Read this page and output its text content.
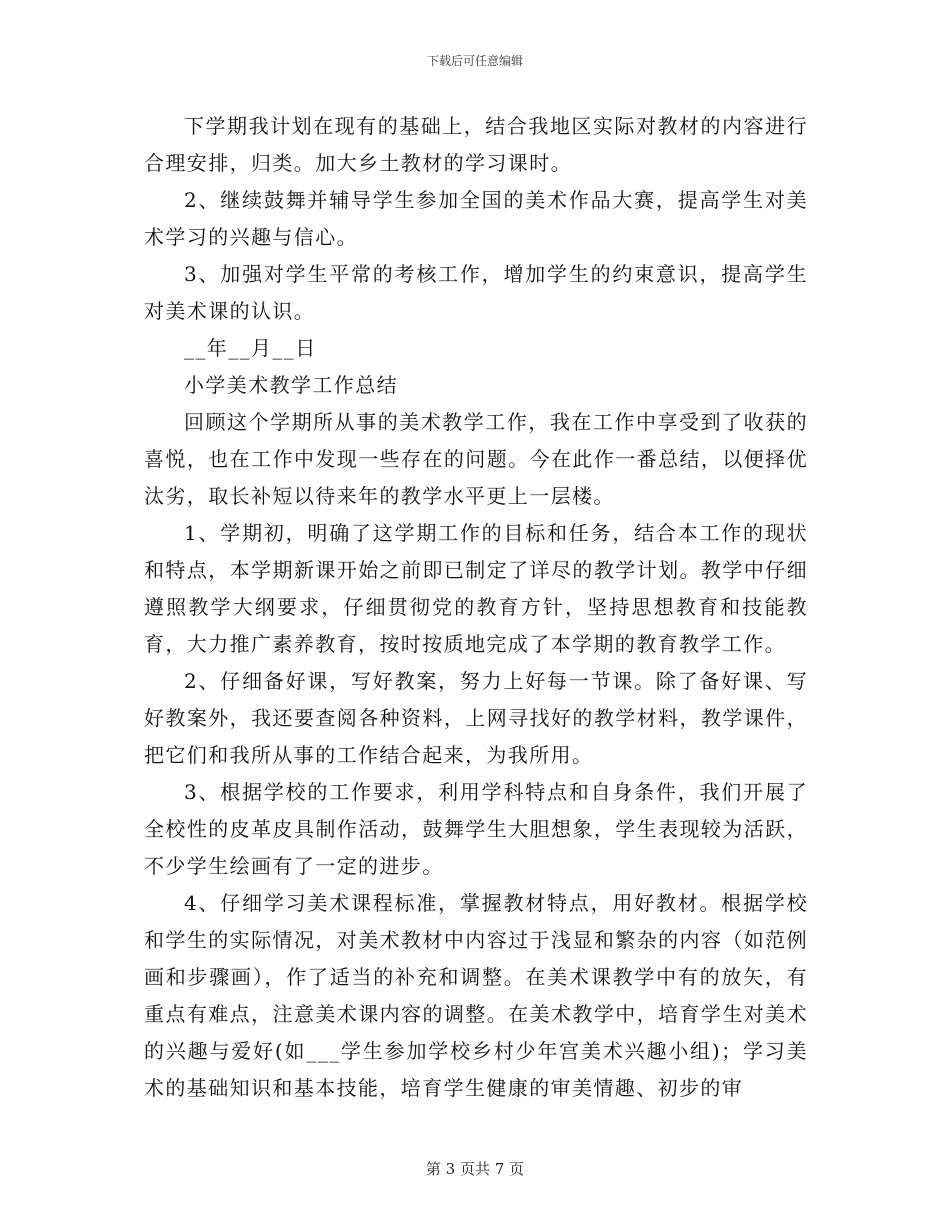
下载后可任意编辑

下学期我计划在现有的基础上，结合我地区实际对教材的内容进行合理安排，归类。加大乡土教材的学习课时。

2、继续鼓舞并辅导学生参加全国的美术作品大赛，提高学生对美术学习的兴趣与信心。

3、加强对学生平常的考核工作，增加学生的约束意识，提高学生对美术课的认识。

__年__月__日

小学美术教学工作总结

回顾这个学期所从事的美术教学工作，我在工作中享受到了收获的喜悦，也在工作中发现一些存在的问题。今在此作一番总结，以便择优汰劣，取长补短以待来年的教学水平更上一层楼。

1、学期初，明确了这学期工作的目标和任务，结合本工作的现状和特点，本学期新课开始之前即已制定了详尽的教学计划。教学中仔细遵照教学大纲要求，仔细贯彻党的教育方针，坚持思想教育和技能教育，大力推广素养教育，按时按质地完成了本学期的教育教学工作。

2、仔细备好课，写好教案，努力上好每一节课。除了备好课、写好教案外，我还要查阅各种资料，上网寻找好的教学材料，教学课件，把它们和我所从事的工作结合起来，为我所用。

3、根据学校的工作要求，利用学科特点和自身条件，我们开展了全校性的皮革皮具制作活动，鼓舞学生大胆想象，学生表现较为活跃，不少学生绘画有了一定的进步。

4、仔细学习美术课程标准，掌握教材特点，用好教材。根据学校和学生的实际情况，对美术教材中内容过于浅显和繁杂的内容（如范例画和步骤画），作了适当的补充和调整。在美术课教学中有的放矢，有重点有难点，注意美术课内容的调整。在美术教学中，培育学生对美术的兴趣与爱好(如___学生参加学校乡村少年宫美术兴趣小组)；学习美术的基础知识和基本技能，培育学生健康的审美情趣、初步的审

第 3 页共 7 页
